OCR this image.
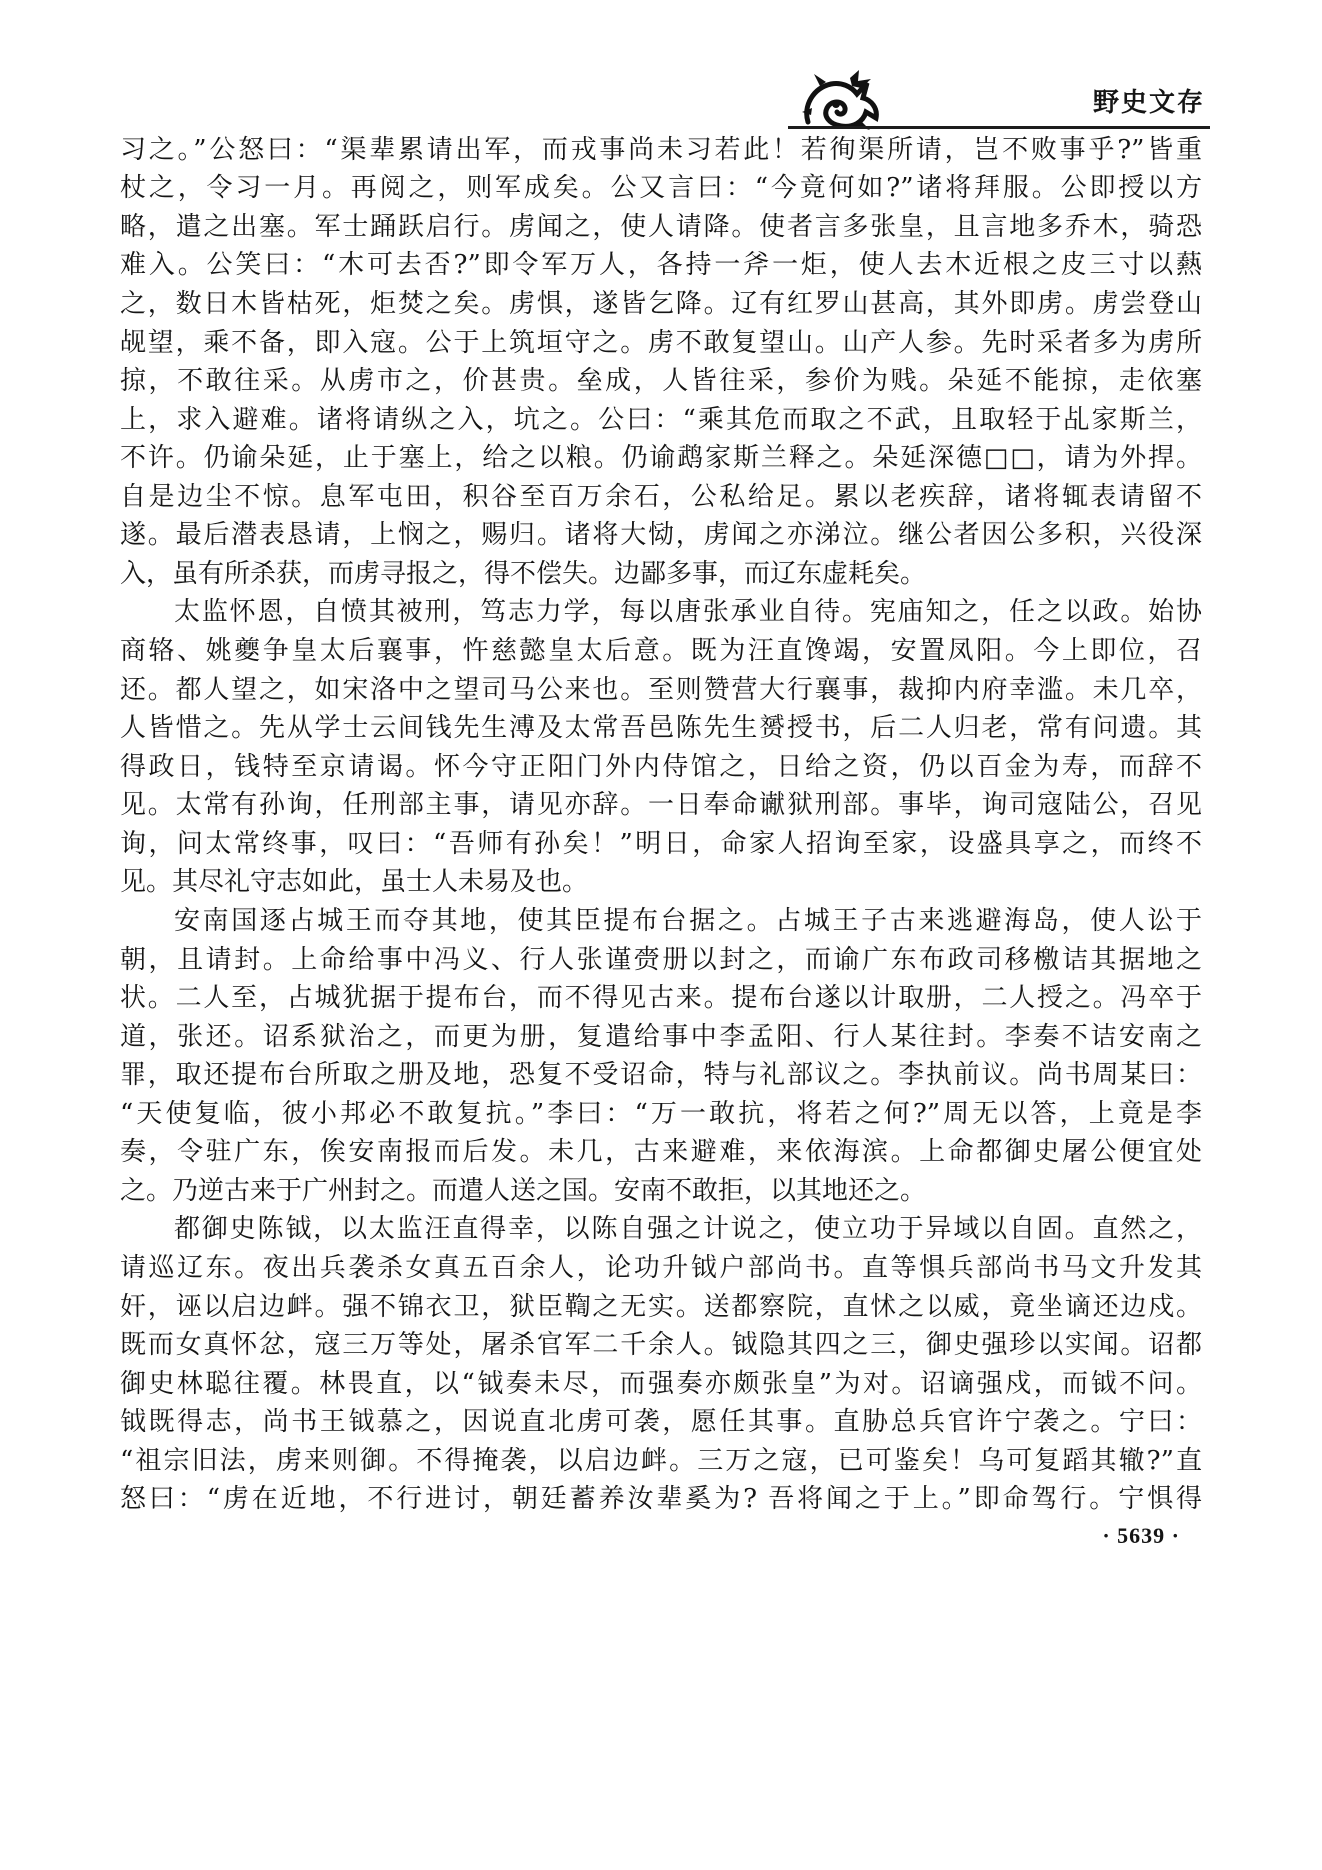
野史文存
习之。”公怒曰：“渠辈累请出军，而戎事尚未习若此！若徇渠所请，岂不败事乎?”皆重
杖之，令习一月。再阅之，则军成矣。公又言曰：“今竟何如?”诸将拜服。公即授以方
略，遣之出塞。军士踊跃启行。虏闻之，使人请降。使者言多张皇，且言地多乔木，骑恐
难入。公笑曰：“木可去否?”即令军万人，各持一斧一炬，使人去木近根之皮三寸以爇
之，数日木皆枯死，炬焚之矣。虏惧，遂皆乞降。辽有红罗山甚高，其外即虏。虏尝登山
觇望，乘不备，即入寇。公于上筑垣守之。虏不敢复望山。山产人参。先时采者多为虏所
掠，不敢往采。从虏市之，价甚贵。垒成，人皆往采，参价为贱。朵延不能掠，走依塞
上，求入避难。诸将请纵之入，坑之。公曰：“乘其危而取之不武，且取轻于乩家斯兰，
不许。仍谕朵延，止于塞上，给之以粮。仍谕鹉家斯兰释之。朵延深德□□，请为外捍。
自是边尘不惊。息军屯田，积谷至百万余石，公私给足。累以老疾辞，诸将辄表请留不
遂。最后潜表恳请，上悯之，赐归。诸将大恸，虏闻之亦涕泣。继公者因公多积，兴役深
入，虽有所杀获，而虏寻报之，得不偿失。边鄙多事，而辽东虚耗矣。
太监怀恩，自愤其被刑，笃志力学，每以唐张承业自待。宪庙知之，任之以政。始协
商辂、姚夔争皇太后襄事，忤慈懿皇太后意。既为汪直馋竭，安置凤阳。今上即位，召
还。都人望之，如宋洛中之望司马公来也。至则赞营大行襄事，裁抑内府幸滥。未几卒，
人皆惜之。先从学士云间钱先生溥及太常吾邑陈先生赟授书，后二人归老，常有问遗。其
得政日，钱特至京请谒。怀今守正阳门外内侍馆之，日给之资，仍以百金为寿，而辞不
见。太常有孙询，任刑部主事，请见亦辞。一日奉命谳狱刑部。事毕，询司寇陆公，召见
询，问太常终事，叹曰：“吾师有孙矣！”明日，命家人招询至家，设盛具享之，而终不
见。其尽礼守志如此，虽士人未易及也。
安南国逐占城王而夺其地，使其臣提布台据之。占城王子古来逃避海岛，使人讼于
朝，且请封。上命给事中冯义、行人张谨赍册以封之，而谕广东布政司移檄诘其据地之
状。二人至，占城犹据于提布台，而不得见古来。提布台遂以计取册，二人授之。冯卒于
道，张还。诏系狱治之，而更为册，复遣给事中李孟阳、行人某往封。李奏不诘安南之
罪，取还提布台所取之册及地，恐复不受诏命，特与礼部议之。李执前议。尚书周某曰：
“天使复临，彼小邦必不敢复抗。”李曰：“万一敢抗，将若之何?”周无以答，上竟是李
奏，令驻广东，俟安南报而后发。未几，古来避难，来依海滨。上命都御史屠公便宜处
之。乃逆古来于广州封之。而遣人送之国。安南不敢拒，以其地还之。
都御史陈钺，以太监汪直得幸，以陈自强之计说之，使立功于异域以自固。直然之，
请巡辽东。夜出兵袭杀女真五百余人，论功升钺户部尚书。直等惧兵部尚书马文升发其
奸，诬以启边衅。强不锦衣卫，狱臣鞫之无实。送都察院，直怵之以威，竟坐谪还边戍。
既而女真怀忿，寇三万等处，屠杀官军二千余人。钺隐其四之三，御史强珍以实闻。诏都
御史林聪往覆。林畏直，以“钺奏未尽，而强奏亦颇张皇”为对。诏谪强戍，而钺不问。
钺既得志，尚书王钺慕之，因说直北虏可袭，愿任其事。直胁总兵官许宁袭之。宁曰：
“祖宗旧法，虏来则御。不得掩袭，以启边衅。三万之寇，已可鉴矣！乌可复蹈其辙?”直
怒曰：“虏在近地，不行进讨，朝廷蓄养汝辈奚为? 吾将闻之于上。”即命驾行。宁惧得
· 5639 ·
